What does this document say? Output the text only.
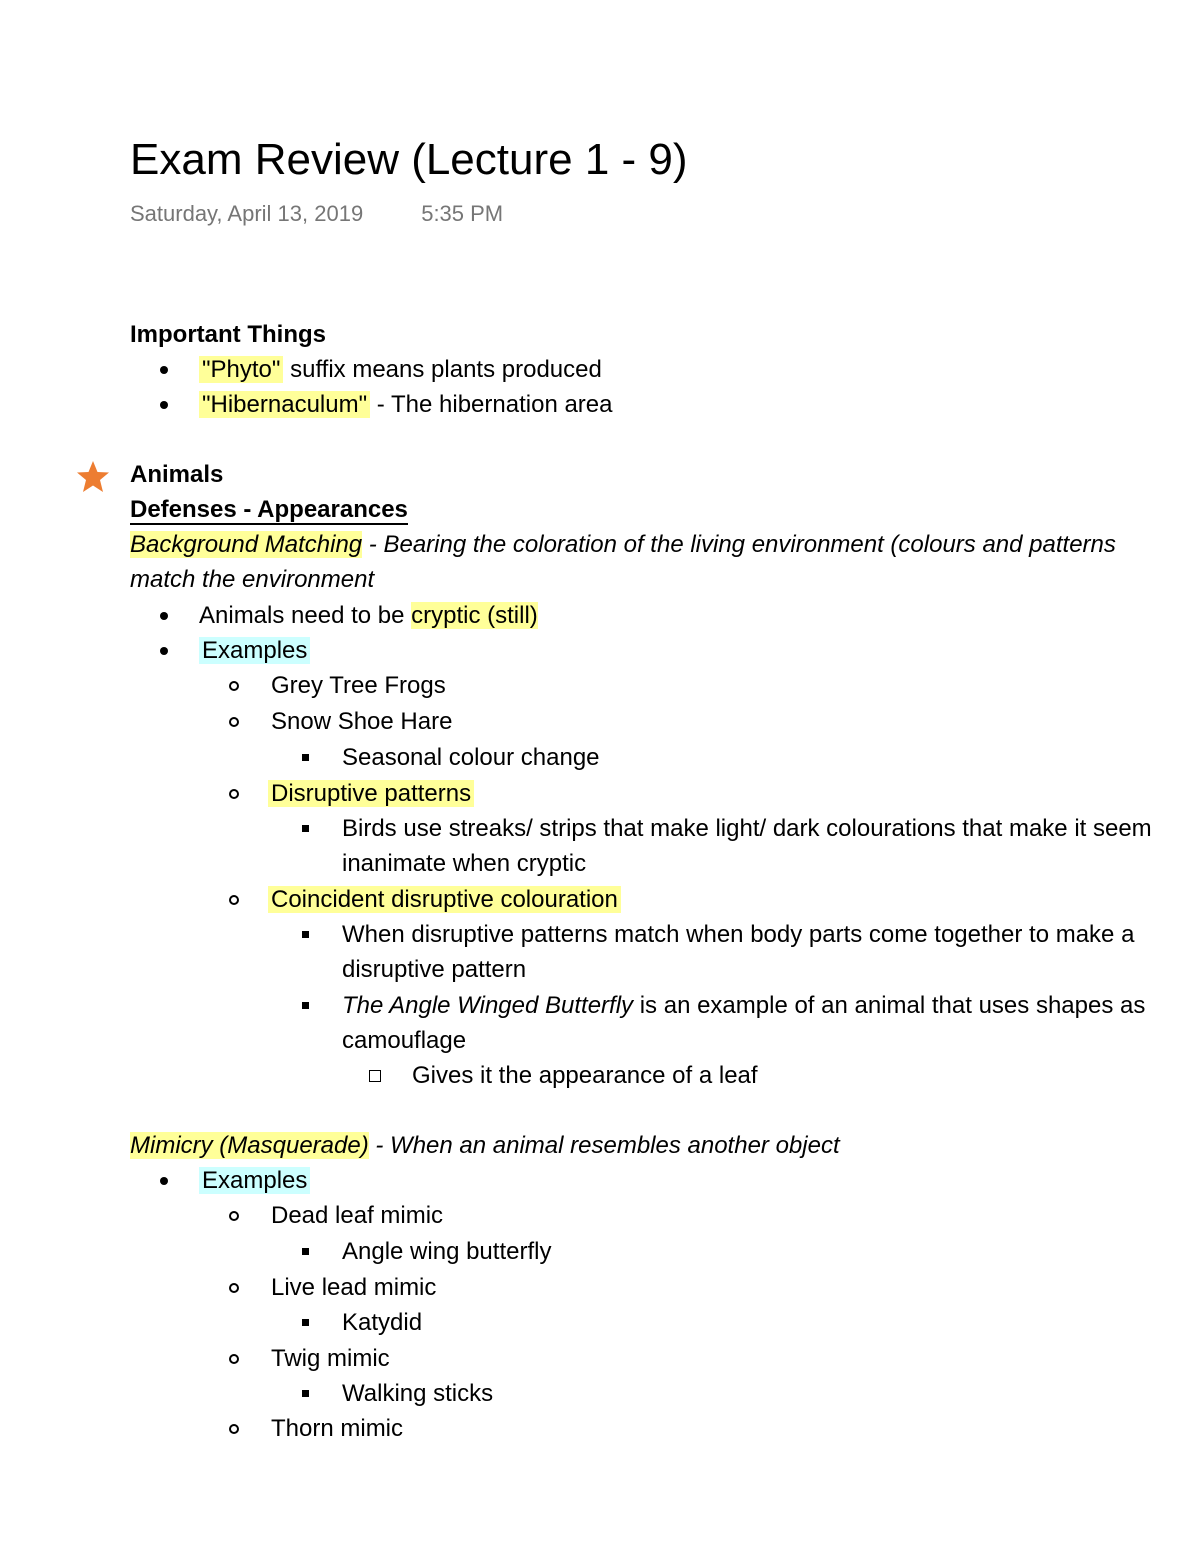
Exam Review (Lecture 1 - 9)
Saturday, April 13, 2019	5:35 PM
Important Things
"Phyto" suffix means plants produced
"Hibernaculum" - The hibernation area
Animals
Defenses - Appearances
Background Matching - Bearing the coloration of the living environment (colours and patterns
match the environment
Animals need to be cryptic (still)
Examples
Grey Tree Frogs
Snow Shoe Hare
Seasonal colour change
Disruptive patterns
Birds use streaks/ strips that make light/ dark colourations that make it seem
inanimate when cryptic
Coincident disruptive colouration
When disruptive patterns match when body parts come together to make a
disruptive pattern
The Angle Winged Butterfly is an example of an animal that uses shapes as
camouflage
Gives it the appearance of a leaf
Mimicry (Masquerade) - When an animal resembles another object
Examples
Dead leaf mimic
Angle wing butterfly
Live lead mimic
Katydid
Twig mimic
Walking sticks
Thorn mimic
